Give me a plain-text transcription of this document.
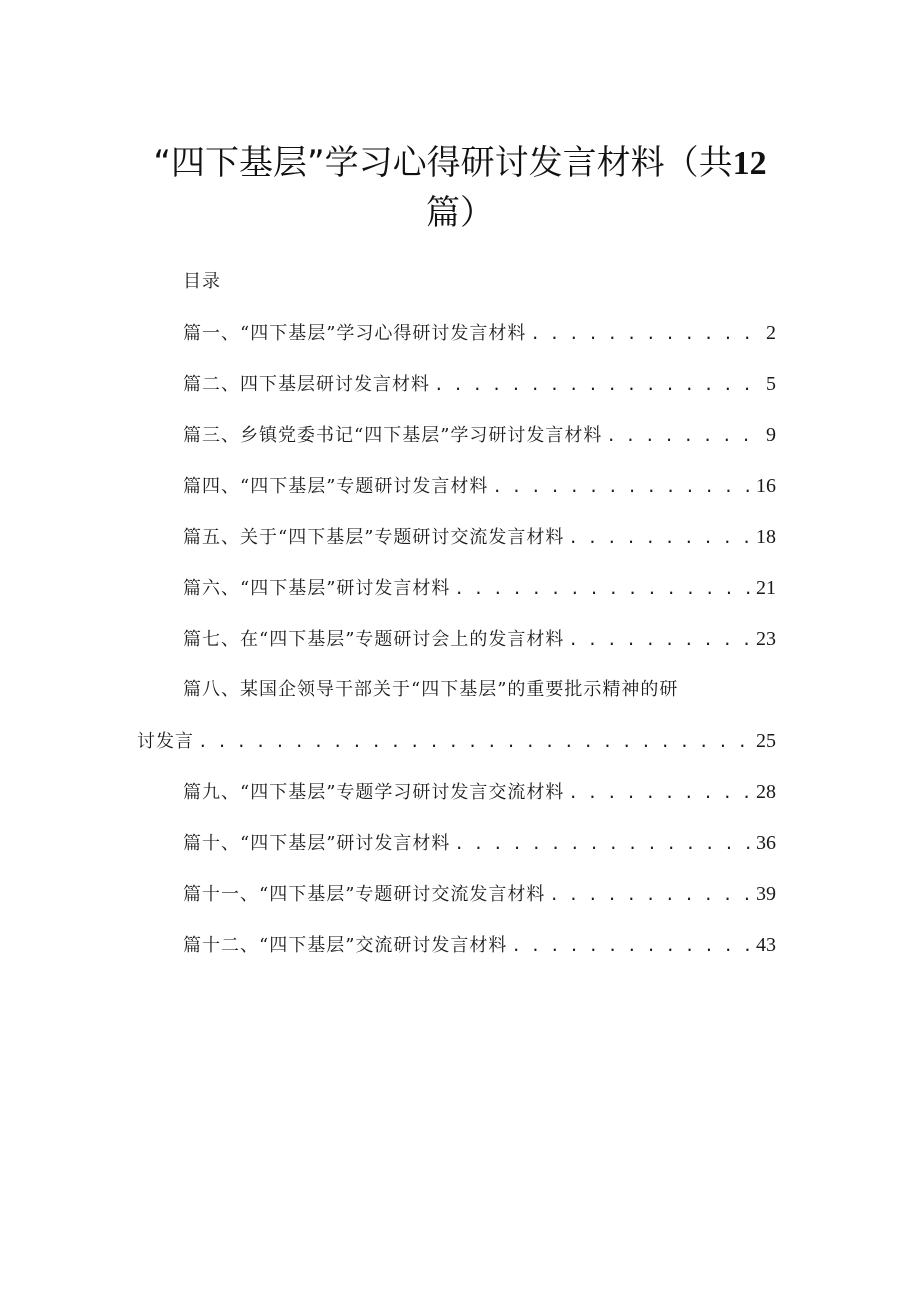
“四下基层”学习心得研讨发言材料（共12
篇）
目录
篇一、“四下基层”学习心得研讨发言材料 . . .	2
篇二、四下基层研讨发言材料 . . .	5
篇三、乡镇党委书记“四下基层”学习研讨发言材料 . . .	9
篇四、“四下基层”专题研讨发言材料 . . .	16
篇五、关于“四下基层”专题研讨交流发言材料 . . .	18
篇六、“四下基层”研讨发言材料 . . .	21
篇七、在“四下基层”专题研讨会上的发言材料 . . .	23
篇八、某国企领导干部关于“四下基层”的重要批示精神的研
讨发言 . . .	25
篇九、“四下基层”专题学习研讨发言交流材料 . . .	28
篇十、“四下基层”研讨发言材料 . . .	36
篇十一、“四下基层”专题研讨交流发言材料 . . .	39
篇十二、“四下基层”交流研讨发言材料 . . .	43
